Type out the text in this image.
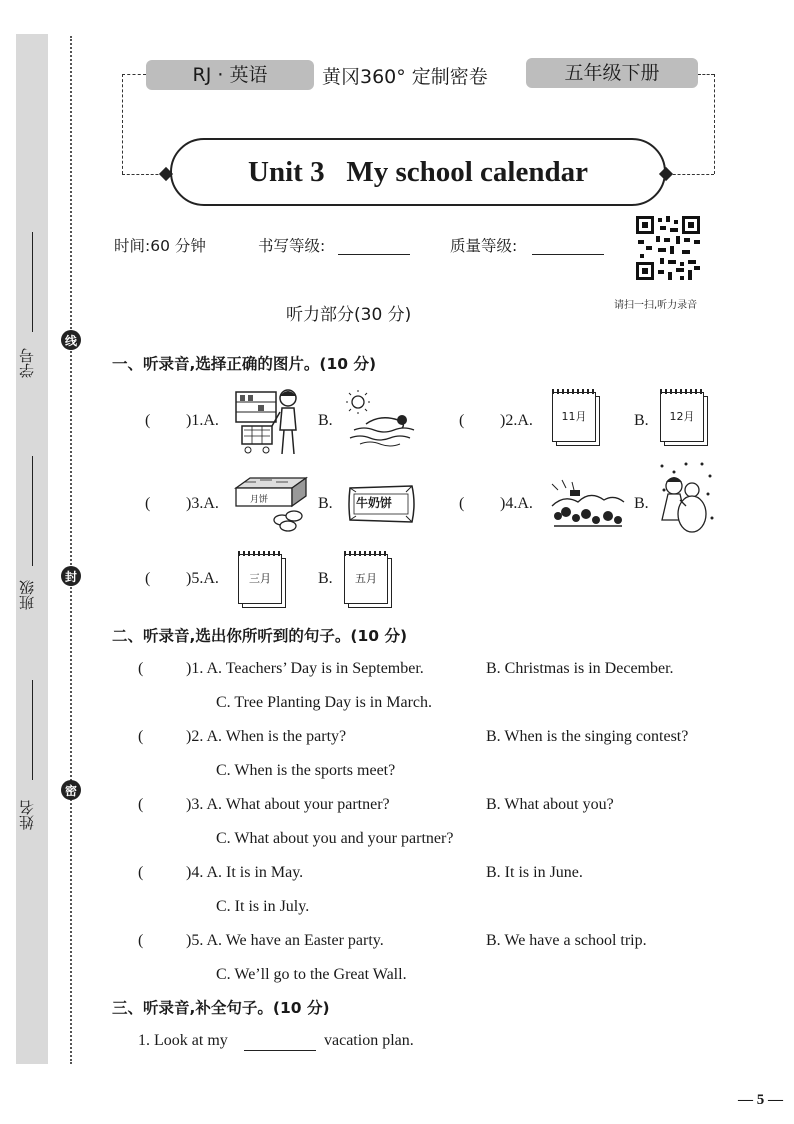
学号
班级
姓名
线
封
密
RJ · 英语	黄冈360° 定制密卷	五年级下册
Unit 3   My school calendar
时间:60 分钟	书写等级:	质量等级:
请扫一扫,听力录音
听力部分(30 分)
一、听录音,选择正确的图片。(10 分)
( )1.A.	B.	( )2.A.	11月	B.	12月
( )3.A.	月饼	B. 牛奶饼	( )4.A.	B.
( )5.A.	三月	B.	五月
二、听录音,选出你所听到的句子。(10 分)
(	)1. A. Teachers’ Day is in September.	B. Christmas is in December.
C. Tree Planting Day is in March.
(	)2. A. When is the party?	B. When is the singing contest?
C. When is the sports meet?
(	)3. A. What about your partner?	B. What about you?
C. What about you and your partner?
(	)4. A. It is in May.	B. It is in June.
C. It is in July.
(	)5. A. We have an Easter party.	B. We have a school trip.
C. We’ll go to the Great Wall.
三、听录音,补全句子。(10 分)
1. Look at my	vacation plan.
— 5 —
